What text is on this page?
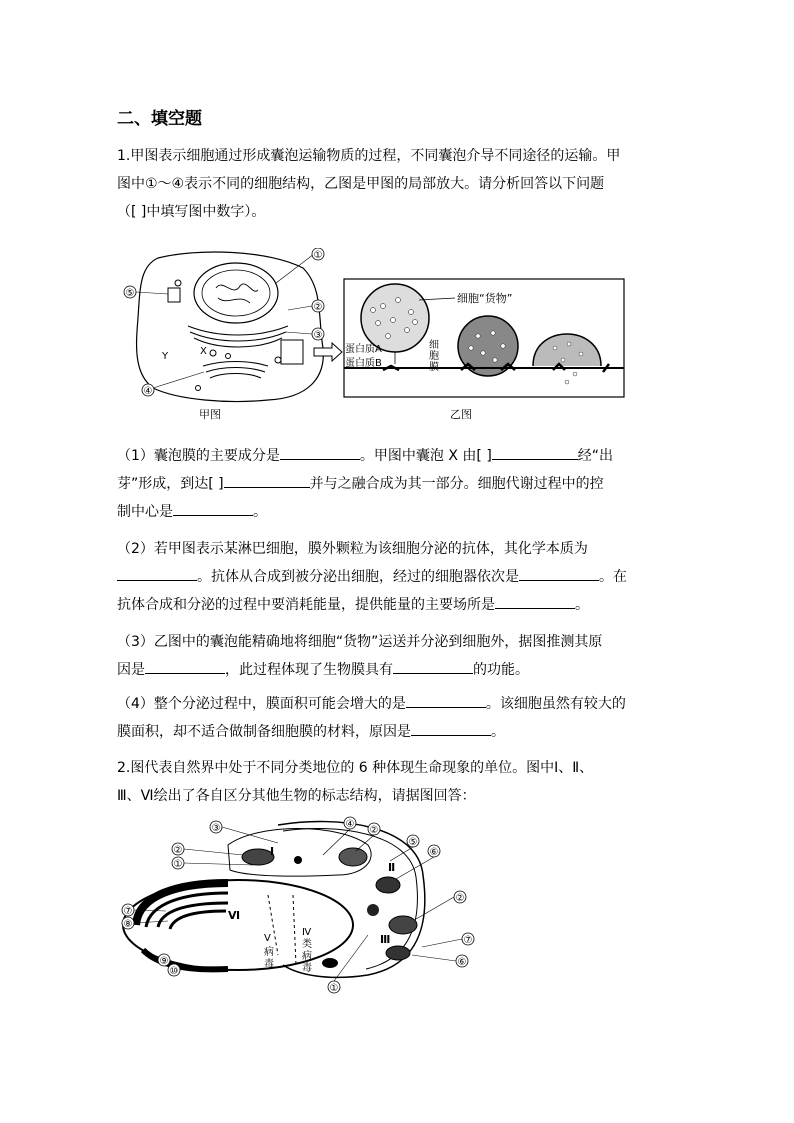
二、填空题
1.甲图表示细胞通过形成囊泡运输物质的过程，不同囊泡介导不同途径的运输。甲
图中①～④表示不同的细胞结构，乙图是甲图的局部放大。请分析回答以下问题
（[ ]中填写图中数字）。
①
②
③
④
⑤
X
Y
甲图
细胞“货物”
蛋白质A
蛋白质B
细
胞
膜
乙图
（1）囊泡膜的主要成分是	。甲图中囊泡 X 由[ ]	经“出
芽”形成，到达[ ]	并与之融合成为其一部分。细胞代谢过程中的控
制中心是	。
（2）若甲图表示某淋巴细胞，膜外颗粒为该细胞分泌的抗体，其化学本质为
。抗体从合成到被分泌出细胞，经过的细胞器依次是	。在
抗体合成和分泌的过程中要消耗能量，提供能量的主要场所是	。
（3）乙图中的囊泡能精确地将细胞“货物”运送并分泌到细胞外，据图推测其原
因是	，此过程体现了生物膜具有	的功能。
（4）整个分泌过程中，膜面积可能会增大的是	。该细胞虽然有较大的
膜面积，却不适合做制备细胞膜的材料，原因是	。
2.图代表自然界中处于不同分类地位的 6 种体现生命现象的单位。图中Ⅰ、Ⅱ、
Ⅲ、Ⅵ绘出了各自区分其他生物的标志结构，请据图回答：
③
②
①
④
②
⑤
⑥
②
⑦
⑥
①
⑦
⑧
⑨
⑩
Ⅰ
Ⅱ
Ⅲ
Ⅵ
Ⅴ
病
毒
Ⅳ
类
病
毒
